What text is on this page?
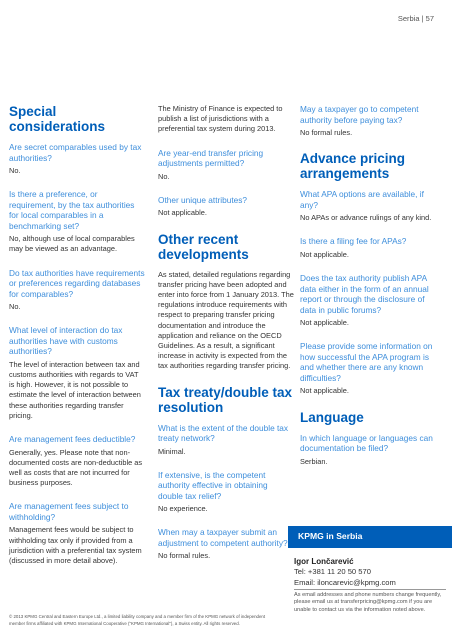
Serbia | 57
Special considerations
Are secret comparables used by tax authorities?
No.
Is there a preference, or requirement, by the tax authorities for local comparables in a benchmarking set?
No, although use of local comparables may be viewed as an advantage.
Do tax authorities have requirements or preferences regarding databases for comparables?
No.
What level of interaction do tax authorities have with customs authorities?
The level of interaction between tax and customs authorities with regards to VAT is high. However, it is not possible to estimate the level of interaction between these authorities regarding transfer pricing.
Are management fees deductible?
Generally, yes. Please note that non-documented costs are non-deductible as well as costs that are not incurred for business purposes.
Are management fees subject to withholding?
Management fees would be subject to withholding tax only if provided from a jurisdiction with a preferential tax system (discussed in more detail above).
The Ministry of Finance is expected to publish a list of jurisdictions with a preferential tax system during 2013.
Are year-end transfer pricing adjustments permitted?
No.
Other unique attributes?
Not applicable.
Other recent developments
As stated, detailed regulations regarding transfer pricing have been adopted and enter into force from 1 January 2013. The regulations introduce requirements with respect to preparing transfer pricing documentation and introduce the application and reliance on the OECD Guidelines. As a result, a significant increase in activity is expected from the tax authorities regarding transfer pricing.
Tax treaty/double tax resolution
What is the extent of the double tax treaty network?
Minimal.
If extensive, is the competent authority effective in obtaining double tax relief?
No experience.
When may a taxpayer submit an adjustment to competent authority?
No formal rules.
May a taxpayer go to competent authority before paying tax?
No formal rules.
Advance pricing arrangements
What APA options are available, if any?
No APAs or advance rulings of any kind.
Is there a filing fee for APAs?
Not applicable.
Does the tax authority publish APA data either in the form of an annual report or through the disclosure of data in public forums?
Not applicable.
Please provide some information on how successful the APA program is and whether there are any known difficulties?
Not applicable.
Language
In which language or languages can documentation be filed?
Serbian.
KPMG in Serbia
Igor Lončarević
Tel: +381 11 20 50 570
Email: iloncarevic@kpmg.com
As email addresses and phone numbers change frequently, please email us at transferpricing@kpmg.com if you are unable to contact us via the information noted above.
© 2013 KPMG Central and Eastern Europe Ltd., a limited liability company and a member firm of the KPMG network of independent member firms affiliated with KPMG International Cooperative ("KPMG International"), a Swiss entity. All rights reserved.
